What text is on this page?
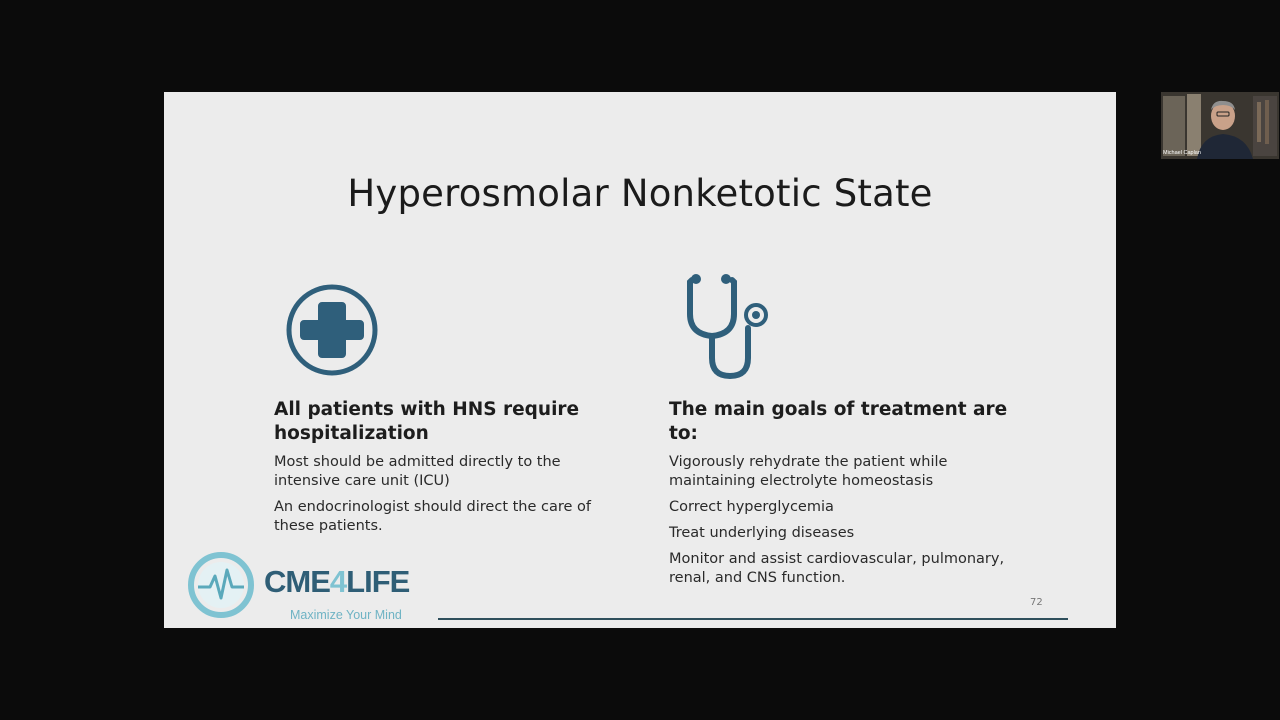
Hyperosmolar Nonketotic State
All patients with HNS require
hospitalization
Most should be admitted directly to the
intensive care unit (ICU)
An endocrinologist should direct the care of
these patients.
The main goals of treatment are
to:
Vigorously rehydrate the patient while
maintaining electrolyte homeostasis
Correct hyperglycemia
Treat underlying diseases
Monitor and assist cardiovascular, pulmonary,
renal, and CNS function.
CME4LIFE
Maximize Your Mind
72
Michael Caplan
